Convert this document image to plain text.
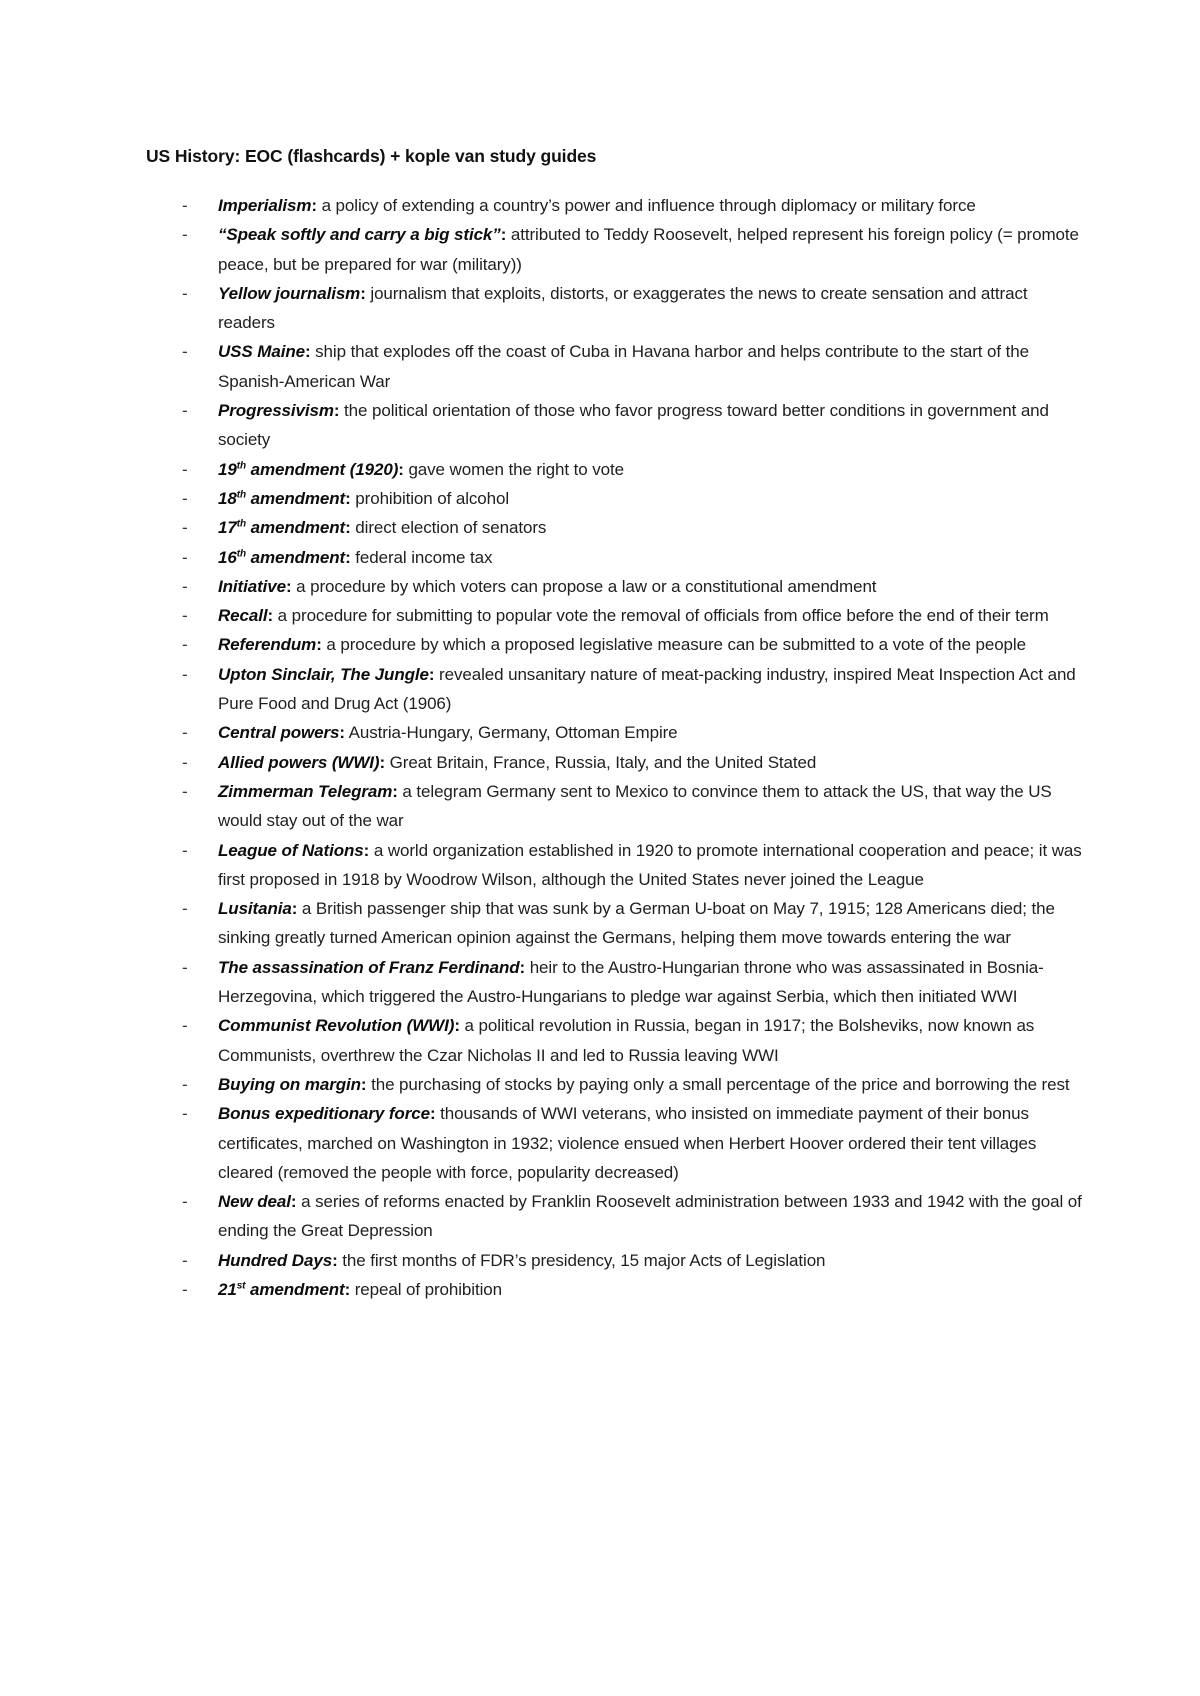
US History: EOC (flashcards) + kople van study guides
-	Imperialism: a policy of extending a country’s power and influence through diplomacy or military force
-	“Speak softly and carry a big stick”: attributed to Teddy Roosevelt, helped represent his foreign policy (= promote peace, but be prepared for war (military))
-	Yellow journalism: journalism that exploits, distorts, or exaggerates the news to create sensation and attract readers
-	USS Maine: ship that explodes off the coast of Cuba in Havana harbor and helps contribute to the start of the Spanish-American War
-	Progressivism: the political orientation of those who favor progress toward better conditions in government and society
-	19th amendment (1920): gave women the right to vote
-	18th amendment: prohibition of alcohol
-	17th amendment: direct election of senators
-	16th amendment: federal income tax
-	Initiative: a procedure by which voters can propose a law or a constitutional amendment
-	Recall: a procedure for submitting to popular vote the removal of officials from office before the end of their term
-	Referendum: a procedure by which a proposed legislative measure can be submitted to a vote of the people
-	Upton Sinclair, The Jungle: revealed unsanitary nature of meat-packing industry, inspired Meat Inspection Act and Pure Food and Drug Act (1906)
-	Central powers: Austria-Hungary, Germany, Ottoman Empire
-	Allied powers (WWI): Great Britain, France, Russia, Italy, and the United Stated
-	Zimmerman Telegram: a telegram Germany sent to Mexico to convince them to attack the US, that way the US would stay out of the war
-	League of Nations: a world organization established in 1920 to promote international cooperation and peace; it was first proposed in 1918 by Woodrow Wilson, although the United States never joined the League
-	Lusitania: a British passenger ship that was sunk by a German U-boat on May 7, 1915; 128 Americans died; the sinking greatly turned American opinion against the Germans, helping them move towards entering the war
-	The assassination of Franz Ferdinand: heir to the Austro-Hungarian throne who was assassinated in Bosnia-Herzegovina, which triggered the Austro-Hungarians to pledge war against Serbia, which then initiated WWI
-	Communist Revolution (WWI): a political revolution in Russia, began in 1917; the Bolsheviks, now known as Communists, overthrew the Czar Nicholas II and led to Russia leaving WWI
-	Buying on margin: the purchasing of stocks by paying only a small percentage of the price and borrowing the rest
-	Bonus expeditionary force: thousands of WWI veterans, who insisted on immediate payment of their bonus certificates, marched on Washington in 1932; violence ensued when Herbert Hoover ordered their tent villages cleared (removed the people with force, popularity decreased)
-	New deal: a series of reforms enacted by Franklin Roosevelt administration between 1933 and 1942 with the goal of ending the Great Depression
-	Hundred Days: the first months of FDR’s presidency, 15 major Acts of Legislation
-	21st amendment: repeal of prohibition
